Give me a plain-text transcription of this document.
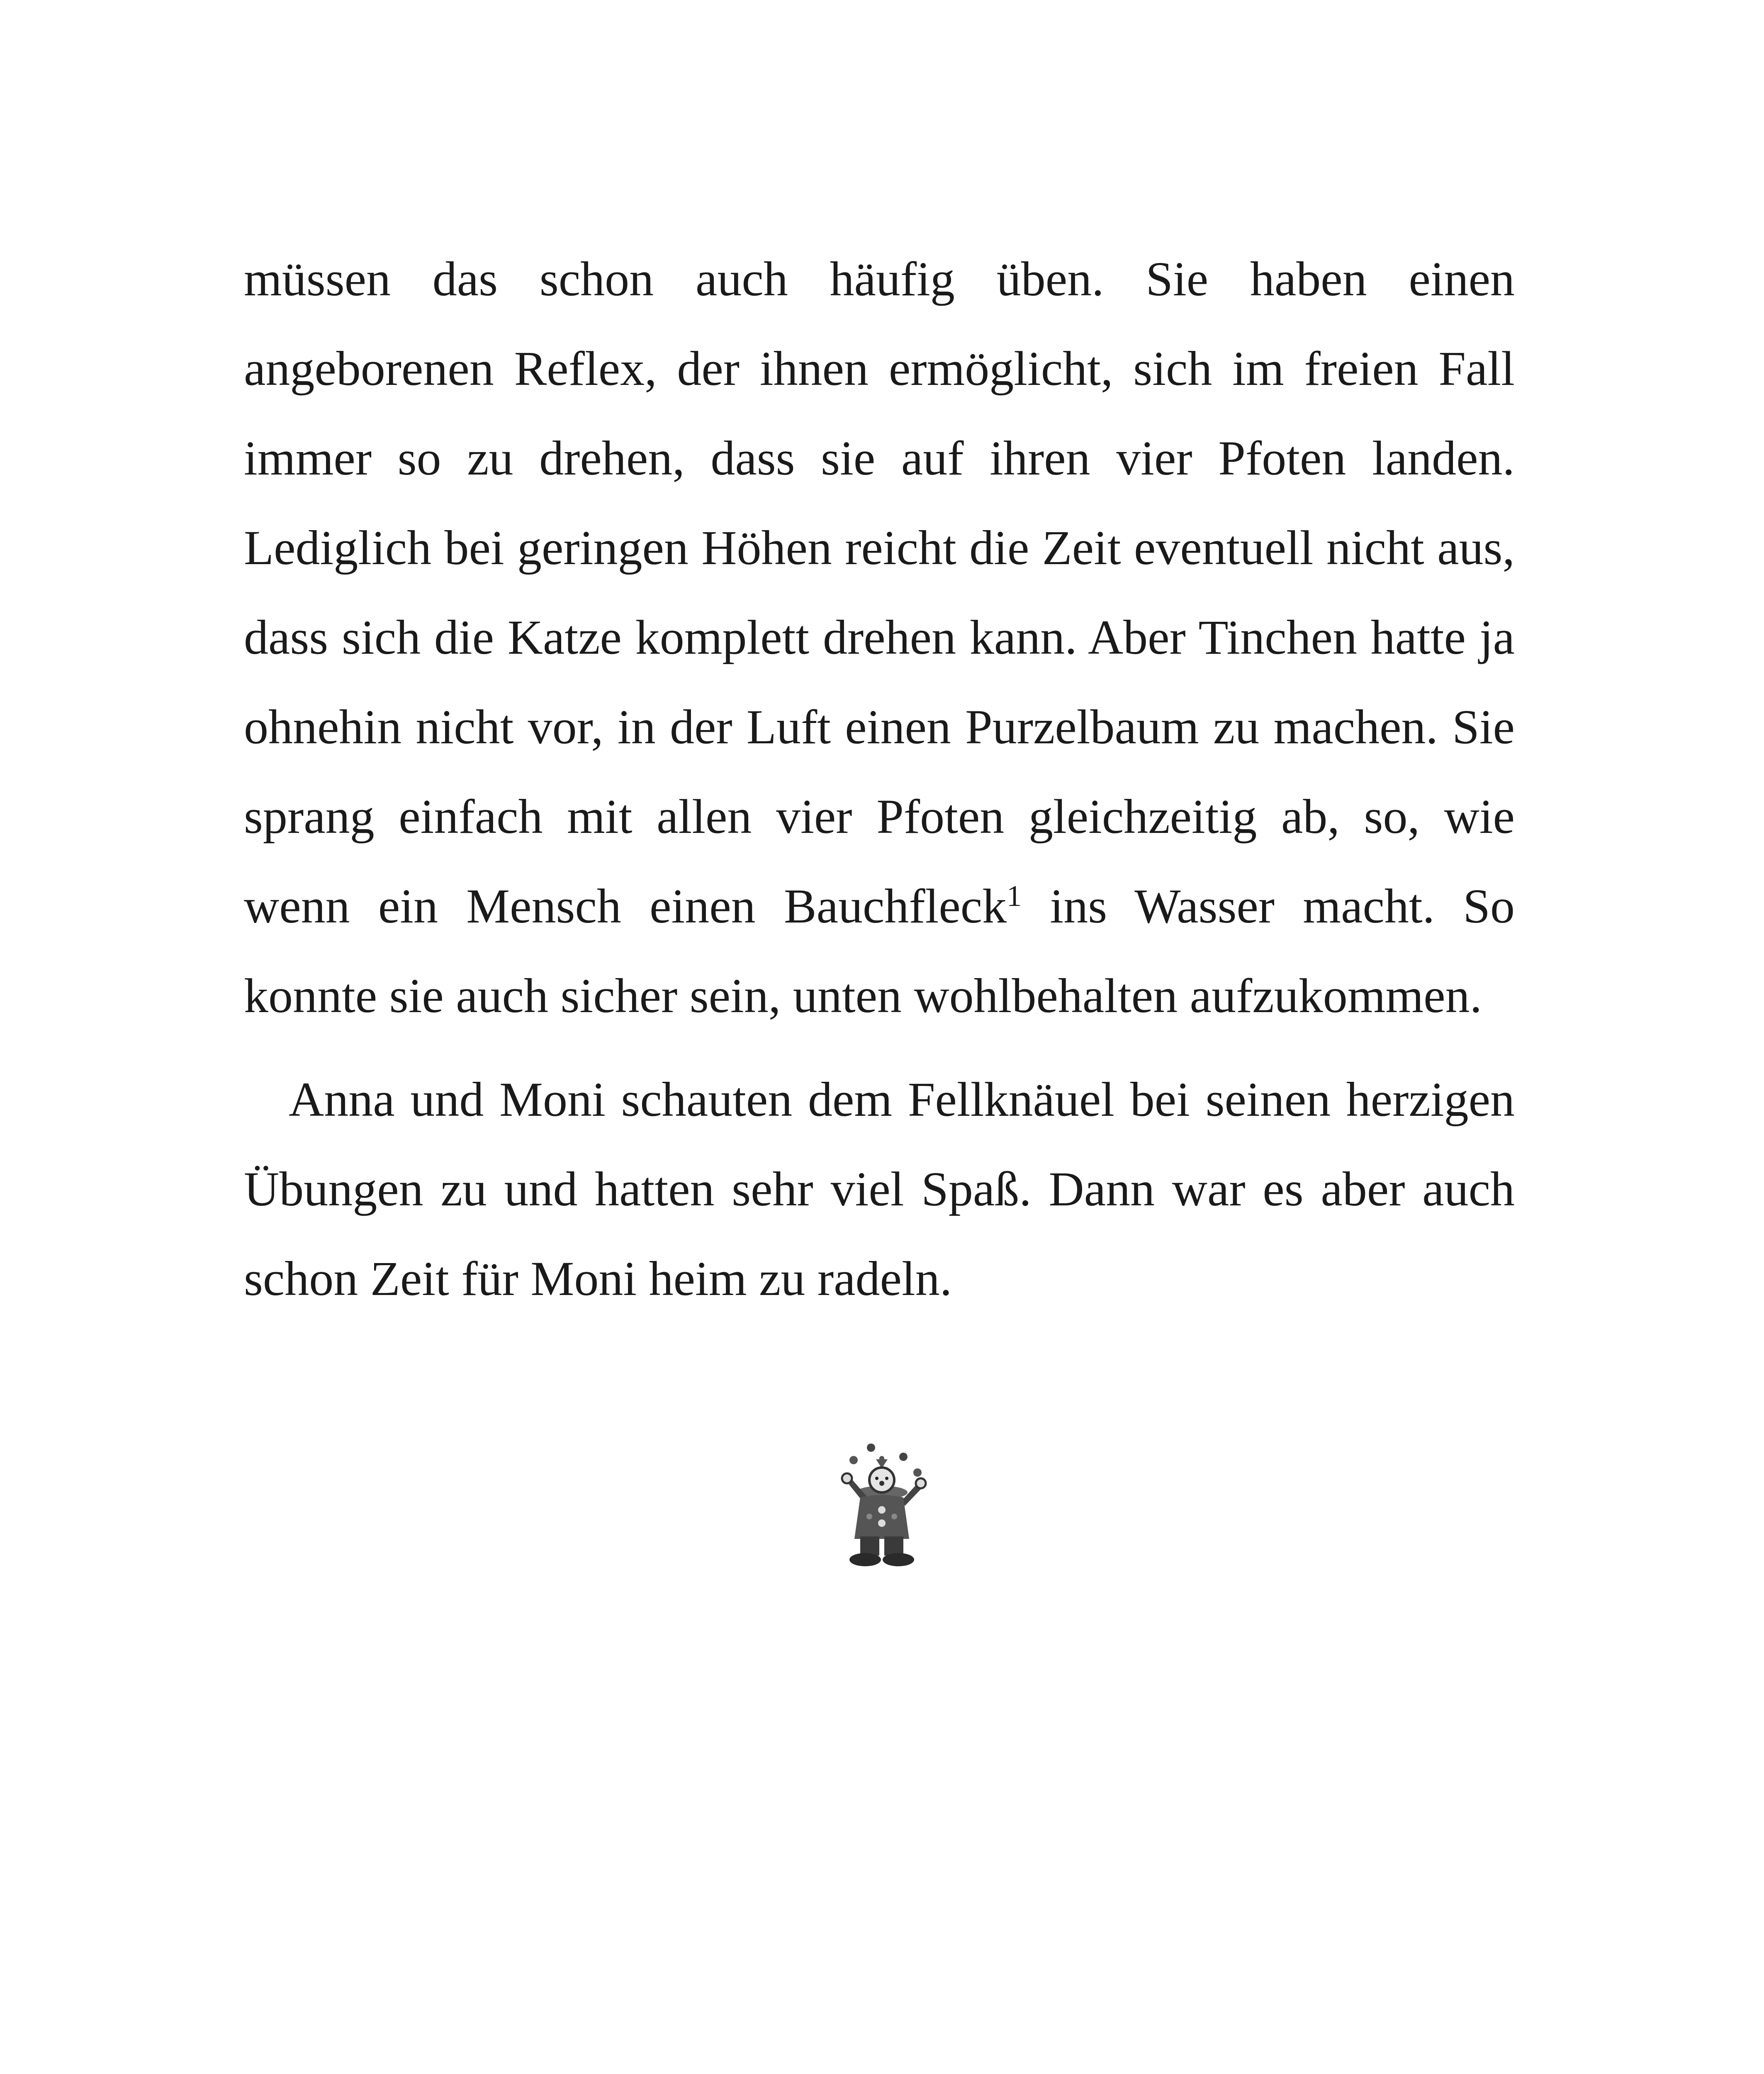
müssen das schon auch häufig üben. Sie haben einen angeborenen Reflex, der ihnen ermöglicht, sich im freien Fall immer so zu drehen, dass sie auf ihren vier Pfoten landen. Lediglich bei geringen Höhen reicht die Zeit eventuell nicht aus, dass sich die Katze komplett drehen kann. Aber Tinchen hatte ja ohnehin nicht vor, in der Luft einen Purzelbaum zu machen. Sie sprang einfach mit allen vier Pfoten gleichzeitig ab, so, wie wenn ein Mensch einen Bauchfleck$^1$ ins Wasser macht. So konnte sie auch sicher sein, unten wohlbehalten aufzukommen.

Anna und Moni schauten dem Fellknäuel bei seinen herzigen Übungen zu und hatten sehr viel Spaß. Dann war es aber auch schon Zeit für Moni heim zu radeln.
